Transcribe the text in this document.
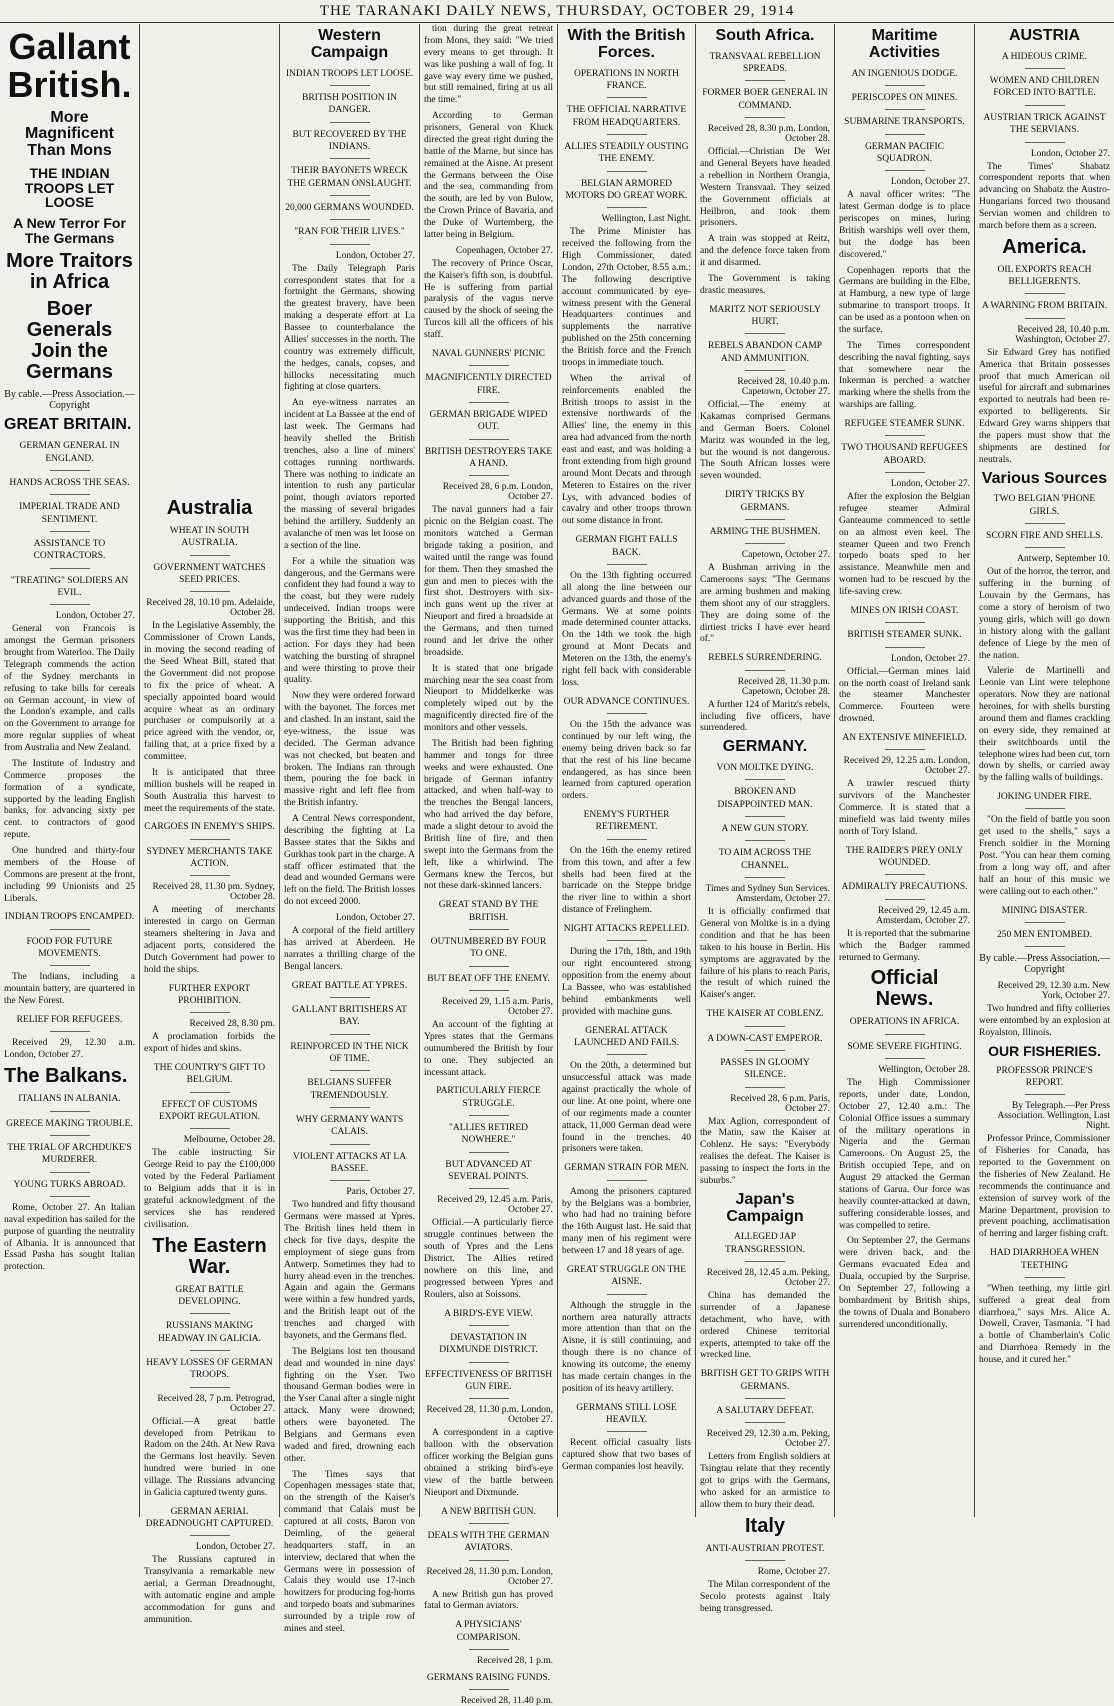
THE TARANAKI DAILY NEWS, THURSDAY, OCTOBER 29, 1914
Gallant British.
More Magnificent Than Mons
THE INDIAN TROOPS LET LOOSE
A New Terror For The Germans
More Traitors in Africa
Boer Generals Join the Germans
By cable.—Press Association.—Copyright
GREAT BRITAIN.
GERMAN GENERAL IN ENGLAND.
HANDS ACROSS THE SEAS.
IMPERIAL TRADE AND SENTIMENT.
ASSISTANCE TO CONTRACTORS.
"TREATING" SOLDIERS AN EVIL.
London, October 27.

General von Francois is amongst the German prisoners brought from Waterloo. The Daily Telegraph commends the action of the Sydney merchants in refusing to take bills for cereals on German account, in view of the London's example, and calls on the Government to arrange for more regular supplies of wheat from Australia and New Zealand.

The Institute of Industry and Commerce proposes the formation of a syndicate, supported by the leading English banks, for advancing sixty per cent. to contractors of good repute.

One hundred and thirty-four members of the House of Commons are present at the front, including 99 Unionists and 25 Liberals.

INDIAN TROOPS ENCAMPED.
FOOD FOR FUTURE MOVEMENTS.

The Indians, including a mountain battery, are quartered in the New Forest.

RELIEF FOR REFUGEES.

Received 29, 12.30 a.m. London, October 27.

The Balkans.
ITALIANS IN ALBANIA.
GREECE MAKING TROUBLE.
THE TRIAL OF ARCHDUKE'S MURDERER.
YOUNG TURKS ABROAD.

Rome, October 27. An Italian naval expedition has sailed for the purpose of guarding the neutrality of Albania. It is announced that Essad Pasha has sought Italian protection.

Australia
WHEAT IN SOUTH AUSTRALIA.
GOVERNMENT WATCHES SEED PRICES.
Received 28, 10.10 pm. Adelaide, October 28.

In the Legislative Assembly, the Commissioner of Crown Lands, in moving the second reading of the Seed Wheat Bill, stated that the Government did not propose to fix the price of wheat. A specially appointed board would acquire wheat as an ordinary purchaser or compulsorily at a price agreed with the vendor, or, failing that, at a price fixed by a committee.

It is anticipated that three million bushels will be reaped in South Australia this harvest to meet the requirements of the state.

CARGOES IN ENEMY'S SHIPS.
SYDNEY MERCHANTS TAKE ACTION.
Received 28, 11.30 pm. Sydney, October 28.

A meeting of merchants interested in cargo on German steamers sheltering in Java and adjacent ports, considered the Dutch Government had power to hold the ships.

FURTHER EXPORT PROHIBITION.
Received 28, 8.30 pm.

A proclamation forbids the export of hides and skins.

THE COUNTRY'S GIFT TO BELGIUM.
EFFECT OF CUSTOMS EXPORT REGULATION.
Melbourne, October 28.

The cable instructing Sir George Reid to pay the £100,000 voted by the Federal Parliament to Belgium adds that it is in grateful acknowledgment of the services she has rendered civilisation.

The Eastern War.
GREAT BATTLE DEVELOPING.
RUSSIANS MAKING HEADWAY IN GALICIA.
HEAVY LOSSES OF GERMAN TROOPS.
Received 28, 7 p.m. Petrograd, October 27.

Official.—A great battle developed from Petrikau to Radom on the 24th. At New Rava the Germans lost heavily. Seven hundred were buried in one village. The Russians advancing in Galicia captured twenty guns.

GERMAN AERIAL DREADNOUGHT CAPTURED.
London, October 27.

The Russians captured in Transylvania a remarkable new aerial, a German Dreadnought, with automatic engine and ample accommodation for guns and ammunition.

Western Campaign
INDIAN TROOPS LET LOOSE.
BRITISH POSITION IN DANGER.
BUT RECOVERED BY THE INDIANS.
THEIR BAYONETS WRECK THE GERMAN ONSLAUGHT.
20,000 GERMANS WOUNDED.
"RAN FOR THEIR LIVES."
London, October 27.

The Daily Telegraph Paris correspondent states that for a fortnight the Germans, showing the greatest bravery, have been making a desperate effort at La Bassee to counterbalance the Allies' successes in the north. The country was extremely difficult, the hedges, canals, copses, and hillocks necessitating much fighting at close quarters.

An eye-witness narrates an incident at La Bassee at the end of last week. The Germans had heavily shelled the British trenches, also a line of miners' cottages running northwards. There was nothing to indicate an intention to rush any particular point, though aviators reported the massing of several brigades behind the artillery. Suddenly an avalanche of men was let loose on a section of the line.

For a while the situation was dangerous, and the Germans were confident they had found a way to the coast, but they were rudely undeceived. Indian troops were supporting the British, and this was the first time they had been in action. For days they had been watching the bursting of shrapnel and were thirsting to prove their quality.

Now they were ordered forward with the bayonet. The forces met and clashed. In an instant, said the eye-witness, the issue was decided. The German advance was not checked, but beaten and broken. The Indians ran through them, pouring the foe back in massive right and left flee from the British infantry.

A Central News correspondent, describing the fighting at La Bassee states that the Sikhs and Gurkhas took part in the charge. A staff officer estimated that the dead and wounded Germans were left on the field. The British losses do not exceed 2000.

London, October 27.

A corporal of the field artillery has arrived at Aberdeen. He narrates a thrilling charge of the Bengal lancers.

GREAT BATTLE AT YPRES.
GALLANT BRITISHERS AT BAY.
REINFORCED IN THE NICK OF TIME.
BELGIANS SUFFER TREMENDOUSLY.
WHY GERMANY WANTS CALAIS.
VIOLENT ATTACKS AT LA BASSEE.
Paris, October 27.

Two hundred and fifty thousand Germans were massed at Ypres. The British lines held them in check for five days, despite the employment of siege guns from Antwerp. Sometimes they had to hurry ahead even in the trenches. Again and again the Germans were within a few hundred yards, and the British leapt out of the trenches and charged with bayonets, and the Germans fled.

The Belgians lost ten thousand dead and wounded in nine days' fighting on the Yser. Two thousand German bodies were in the Yser Canal after a single night attack. Many were drowned; others were bayoneted. The Belgians and Germans even waded and fired, drowning each other.

The Times says that Copenhagen messages state that, on the strength of the Kaiser's command that Calais must be captured at all costs, Baron von Deimling, of the general headquarters staff, in an interview, declared that when the Germans were in possession of Calais they would use 17-inch howitzers for producing fog-horns and torpedo boats and submarines surrounded by a triple row of mines and steel.

tion during the great retreat from Mons, they said: "We tried every means to get through. It was like pushing a wall of fog. It gave way every time we pushed, but still remained, firing at us all the time."

According to German prisoners, General von Kluck directed the great right during the battle of the Marne, but since has remained at the Aisne. At present the Germans between the Oise and the sea, commanding from the south, are led by von Bulow, the Crown Prince of Bavaria, and the Duke of Wurtemberg, the latter being in Belgium.

Copenhagen, October 27.

The recovery of Prince Oscar, the Kaiser's fifth son, is doubtful. He is suffering from partial paralysis of the vagus nerve caused by the shock of seeing the Turcos kill all the officers of his staff.

NAVAL GUNNERS' PICNIC
MAGNIFICENTLY DIRECTED FIRE.
GERMAN BRIGADE WIPED OUT.
BRITISH DESTROYERS TAKE A HAND.
Received 28, 6 p.m. London, October 27.

The naval gunners had a fair picnic on the Belgian coast. The monitors watched a German brigade taking a position, and waited until the range was found for them. Then they smashed the gun and men to pieces with the first shot. Destroyers with six-inch guns went up the river at Nieuport and fired a broadside at the Germans, and then turned round and let drive the other broadside.

It is stated that one brigade marching near the sea coast from Nieuport to Middelkerke was completely wiped out by the magnificently directed fire of the monitors and other vessels.

The British had been fighting hammer and tongs for three weeks and were exhausted. One brigade of German infantry attacked, and when half-way to the trenches the Bengal lancers, who had arrived the day before, made a slight detour to avoid the British line of fire, and then swept into the Germans from the left, like a whirlwind. The Germans knew the Tercos, but not these dark-skinned lancers.

GREAT STAND BY THE BRITISH.
OUTNUMBERED BY FOUR TO ONE.
BUT BEAT OFF THE ENEMY.
Received 29, 1.15 a.m. Paris, October 27.

An account of the fighting at Ypres states that the Germans outnumbered the British by four to one. They subjected an incessant attack.

PARTICULARLY FIERCE STRUGGLE.
"ALLIES RETIRED NOWHERE."
BUT ADVANCED AT SEVERAL POINTS.
Received 29, 12.45 a.m. Paris, October 27.

Official.—A particularly fierce struggle continues between the south of Ypres and the Lens District. The Allies retired nowhere on this line, and progressed between Ypres and Roulers, also at Soissons.

A BIRD'S-EYE VIEW.
DEVASTATION IN DIXMUNDE DISTRICT.
EFFECTIVENESS OF BRITISH GUN FIRE.
Received 28, 11.30 p.m. London, October 27.

A correspondent in a captive balloon with the observation officer working the Belgian guns obtained a striking bird's-eye view of the battle between Nieuport and Dixmunde.

A NEW BRITISH GUN.
DEALS WITH THE GERMAN AVIATORS.
Received 28, 11.30 p.m. London, October 27.

A new British gun has proved fatal to German aviators.

A PHYSICIANS' COMPARISON.
Received 28, 1 p.m.
GERMANS RAISING FUNDS.
Received 28, 11.40 p.m.
With the British Forces.
OPERATIONS IN NORTH FRANCE.
THE OFFICIAL NARRATIVE FROM HEADQUARTERS.
ALLIES STEADILY OUSTING THE ENEMY.
BELGIAN ARMORED MOTORS DO GREAT WORK.
Wellington, Last Night.

The Prime Minister has received the following from the High Commissioner, dated London, 27th October, 8.55 a.m.: The following descriptive account communicated by eye-witness present with the General Headquarters continues and supplements the narrative published on the 25th concerning the British force and the French troops in immediate touch.

When the arrival of reinforcements enabled the British troops to assist in the extensive northwards of the Allies' line, the enemy in this area had advanced from the north east and east, and was holding a front extending from high ground around Mont Decats and through Meteren to Estaires on the river Lys, with advanced bodies of cavalry and other troops thrown out some distance in front.

GERMAN FIGHT FALLS BACK.

On the 13th fighting occurred all along the line between our advanced guards and those of the Germans. We at some points made determined counter attacks. On the 14th we took the high ground at Mont Decats and Meteren on the 13th, the enemy's right fell back with considerable loss.

OUR ADVANCE CONTINUES.

On the 15th the advance was continued by our left wing, the enemy being driven back so far that the rest of his line became endangered, as has since been learned from captured operation orders.

ENEMY'S FURTHER RETIREMENT.

On the 16th the enemy retired from this town, and after a few shells had been fired at the barricade on the Steppe bridge the river line to within a short distance of Frelinghem.

NIGHT ATTACKS REPELLED.

During the 17th, 18th, and 19th our right encountered strong opposition from the enemy about La Bassee, who was established behind embankments well provided with machine guns.

GENERAL ATTACK LAUNCHED AND FAILS.

On the 20th, a determined but unsuccessful attack was made against practically the whole of our line. At one point, where one of our regiments made a counter attack, 11,000 German dead were found in the trenches. 40 prisoners were taken.

GERMAN STRAIN FOR MEN.

Among the prisoners captured by the Belgians was a bombrier, who had had no training before the 16th August last. He said that many men of his regiment were between 17 and 18 years of age.

GREAT STRUGGLE ON THE AISNE.

Although the struggle in the northern area naturally attracts more attention than that on the Aisne, it is still continuing, and though there is no chance of knowing its outcome, the enemy has made certain changes in the position of its heavy artillery.

GERMANS STILL LOSE HEAVILY.

Recent official casualty lists captured show that two bases of German companies lost heavily.

South Africa.
TRANSVAAL REBELLION SPREADS.
FORMER BOER GENERAL IN COMMAND.
Received 28, 8.30 p.m. London, October 28.

Official.—Christian De Wet and General Beyers have headed a rebellion in Northern Orangia, Western Transvaal. They seized the Government officials at Heilbron, and took them prisoners.

A train was stopped at Reitz, and the defence force taken from it and disarmed.

The Government is taking drastic measures.

MARITZ NOT SERIOUSLY HURT.
REBELS ABANDON CAMP AND AMMUNITION.
Received 28, 10.40 p.m. Capetown, October 27.

Official.—The enemy at Kakamas comprised Germans and German Boers. Colonel Maritz was wounded in the leg, but the wound is not dangerous. The South African losses were seven wounded.

DIRTY TRICKS BY GERMANS.
ARMING THE BUSHMEN.
Capetown, October 27.

A Bushman arriving in the Cameroons says: "The Germans are arming bushmen and making them shoot any of our stragglers. They are doing some of the dirtiest tricks I have ever heard of."

REBELS SURRENDERING.
Received 28, 11.30 p.m. Capetown, October 28.

A further 124 of Maritz's rebels, including five officers, have surrendered.

GERMANY.
VON MOLTKE DYING.
BROKEN AND DISAPPOINTED MAN.
A NEW GUN STORY.
TO AIM ACROSS THE CHANNEL.
Times and Sydney Sun Services. Amsterdam, October 27.

It is officially confirmed that General von Moltke is in a dying condition and that he has been taken to his house in Berlin. His symptoms are aggravated by the failure of his plans to reach Paris, the result of which ruined the Kaiser's anger.

THE KAISER AT COBLENZ.
A DOWN-CAST EMPEROR.
PASSES IN GLOOMY SILENCE.
Received 28, 6 p.m. Paris, October 27.

Max Aglion, correspondent of the Matin, saw the Kaiser at Coblenz. He says: "Everybody realises the defeat. The Kaiser is passing to inspect the forts in the suburbs."

Japan's Campaign
ALLEGED JAP TRANSGRESSION.
Received 28, 12.45 a.m. Peking, October 27.

China has demanded the surrender of a Japanese detachment, who have, with ordered Chinese territorial experts, attempted to take off the wrecked line.

BRITISH GET TO GRIPS WITH GERMANS.
A SALUTARY DEFEAT.
Received 29, 12.30 a.m. Peking, October 27.

Letters from English soldiers at Tsingtau relate that they recently got to grips with the Germans, who asked for an armistice to allow them to bury their dead.

Italy
ANTI-AUSTRIAN PROTEST.
Rome, October 27.

The Milan correspondent of the Secolo protests against Italy being transgressed.

Maritime Activities
AN INGENIOUS DODGE.
PERISCOPES ON MINES.
SUBMARINE TRANSPORTS.
GERMAN PACIFIC SQUADRON.
London, October 27.

A naval officer writes: "The latest German dodge is to place periscopes on mines, luring British warships well over them, but the dodge has been discovered."

Copenhagen reports that the Germans are building in the Elbe, at Hamburg, a new type of large submarine to transport troops. It can be used as a pontoon when on the surface.

The Times correspondent describing the naval fighting, says that somewhere near the Inkerman is perched a watcher marking where the shells from the warships are falling.

REFUGEE STEAMER SUNK.
TWO THOUSAND REFUGEES ABOARD.
London, October 27.

After the explosion the Belgian refugee steamer Admiral Ganteaume commenced to settle on an almost even keel. The steamer Queen and two French torpedo boats sped to her assistance. Meanwhile men and women had to be rescued by the life-saving crew.

MINES ON IRISH COAST.
BRITISH STEAMER SUNK.
London, October 27.

Official.—German mines laid on the north coast of Ireland sank the steamer Manchester Commerce. Fourteen were drowned.

AN EXTENSIVE MINEFIELD.
Received 29, 12.25 a.m. London, October 27.

A trawler rescued thirty survivors of the Manchester Commerce. It is stated that a minefield was laid twenty miles north of Tory Island.

THE RAIDER'S PREY ONLY WOUNDED.
ADMIRALTY PRECAUTIONS.
Received 29, 12.45 a.m. Amsterdam, October 27.

It is reported that the submarine which the Badger rammed returned to Germany.

Official News.
OPERATIONS IN AFRICA.
SOME SEVERE FIGHTING.
Wellington, October 28.

The High Commissioner reports, under date, London, October 27, 12.40 a.m.: The Colonial Office issues a summary of the military operations in Nigeria and the German Cameroons. On August 25, the British occupied Tepe, and on August 29 attacked the German stations of Garua. Our force was heavily counter-attacked at dawn, suffering considerable losses, and was compelled to retire.

On September 27, the Germans were driven back, and the Germans evacuated Edea and Duala, occupied by the Surprise. On September 27, following a bombardment by British ships, the towns of Duala and Bonabero surrendered unconditionally.

AUSTRIA
A HIDEOUS CRIME.
WOMEN AND CHILDREN FORCED INTO BATTLE.
AUSTRIAN TRICK AGAINST THE SERVIANS.
London, October 27.

The Times' Shabatz correspondent reports that when advancing on Shabatz the Austro-Hungarians forced two thousand Servian women and children to march before them as a screen.

America.
OIL EXPORTS REACH BELLIGERENTS.
A WARNING FROM BRITAIN.
Received 28, 10.40 p.m. Washington, October 27.

Sir Edward Grey has notified America that Britain possesses proof that much American oil useful for aircraft and submarines exported to neutrals had been re-exported to belligerents. Sir Edward Grey warns shippers that the papers must show that the shipments are destined for neutrals.

Various Sources
TWO BELGIAN 'PHONE GIRLS.
SCORN FIRE AND SHELLS.
Antwerp, September 10.

Out of the horror, the terror, and suffering in the burning of Louvain by the Germans, has come a story of heroism of two young girls, which will go down in history along with the gallant defence of Liege by the men of the nation.

Valerie de Martinelli and Leonie van Lint were telephone operators. Now they are national heroines, for with shells bursting around them and flames crackling on every side, they remained at their switchboards until the telephone wires had been cut, torn down by shells, or carried away by the falling walls of buildings.

JOKING UNDER FIRE.

"On the field of battle you soon get used to the shells," says a French soldier in the Morning Post. "You can hear them coming from a long way off, and after half an hour of this music we were calling out to each other."

MINING DISASTER.
250 MEN ENTOMBED.
By cable.—Press Association.—Copyright
Received 29, 12.30 a.m. New York, October 27.

Two hundred and fifty collieries were entombed by an explosion at Royalston, Illinois.

OUR FISHERIES.
PROFESSOR PRINCE'S REPORT.
By Telegraph.—Per Press Association. Wellington, Last Night.

Professor Prince, Commissioner of Fisheries for Canada, has reported to the Government on the fisheries of New Zealand. He recommends the continuance and extension of survey work of the Marine Department, provision to prevent poaching, acclimatisation of herring and larger fishing craft.

HAD DIARRHOEA WHEN TEETHING

"When teething, my little girl suffered a great deal from diarrhoea," says Mrs. Alice A. Dowell, Craver, Tasmania. "I had a bottle of Chamberlain's Colic and Diarrhoea Remedy in the house, and it cured her."
